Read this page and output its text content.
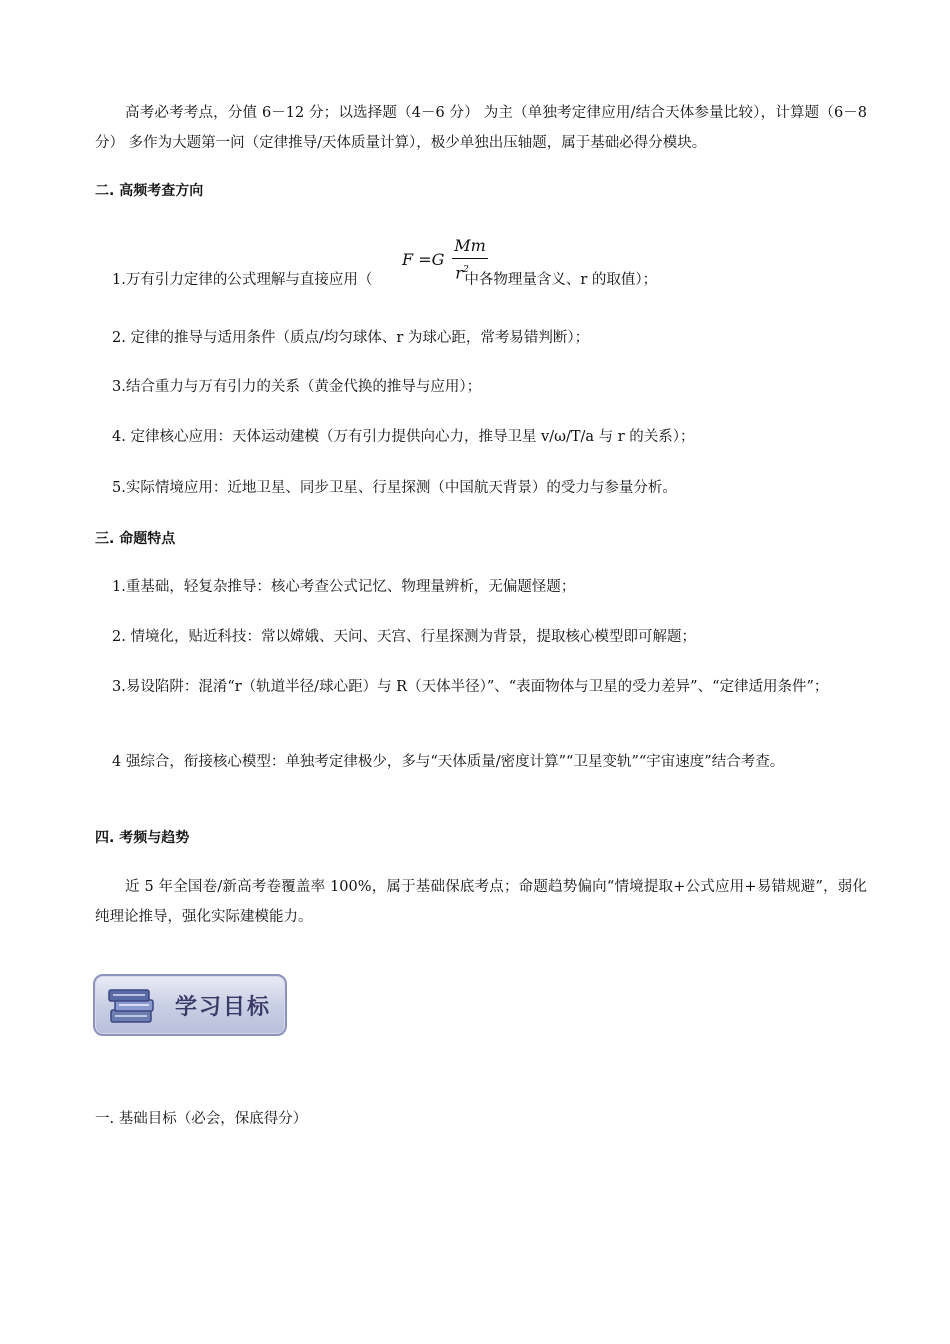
高考必考考点，分值 6－12 分；以选择题（4－6 分） 为主（单独考定律应用/结合天体参量比较），计算题（6－8 分） 多作为大题第一问（定律推导/天体质量计算），极少单独出压轴题，属于基础必得分模块。
二. 高频考查方向
F =G
Mm
$r^2$
1.万有引力定律的公式理解与直接应用（	中各物理量含义、r 的取值）；
2. 定律的推导与适用条件（质点/均匀球体、r 为球心距，常考易错判断）；
3.结合重力与万有引力的关系（黄金代换的推导与应用）；
4. 定律核心应用：天体运动建模（万有引力提供向心力，推导卫星 v/ω/T/a 与 r 的关系）；
5.实际情境应用：近地卫星、同步卫星、行星探测（中国航天背景）的受力与参量分析。
三. 命题特点
1.重基础，轻复杂推导：核心考查公式记忆、物理量辨析，无偏题怪题；
2. 情境化，贴近科技：常以嫦娥、天问、天宫、行星探测为背景，提取核心模型即可解题；
3.易设陷阱：混淆“r（轨道半径/球心距）与 R（天体半径）”、“表面物体与卫星的受力差异”、“定律适用条件”；
4 强综合，衔接核心模型：单独考定律极少，多与“天体质量/密度计算”“卫星变轨”“宇宙速度”结合考查。
四. 考频与趋势
近 5 年全国卷/新高考卷覆盖率 100%，属于基础保底考点；命题趋势偏向“情境提取+公式应用+易错规避”，弱化纯理论推导，强化实际建模能力。
学习目标
一. 基础目标（必会，保底得分）
